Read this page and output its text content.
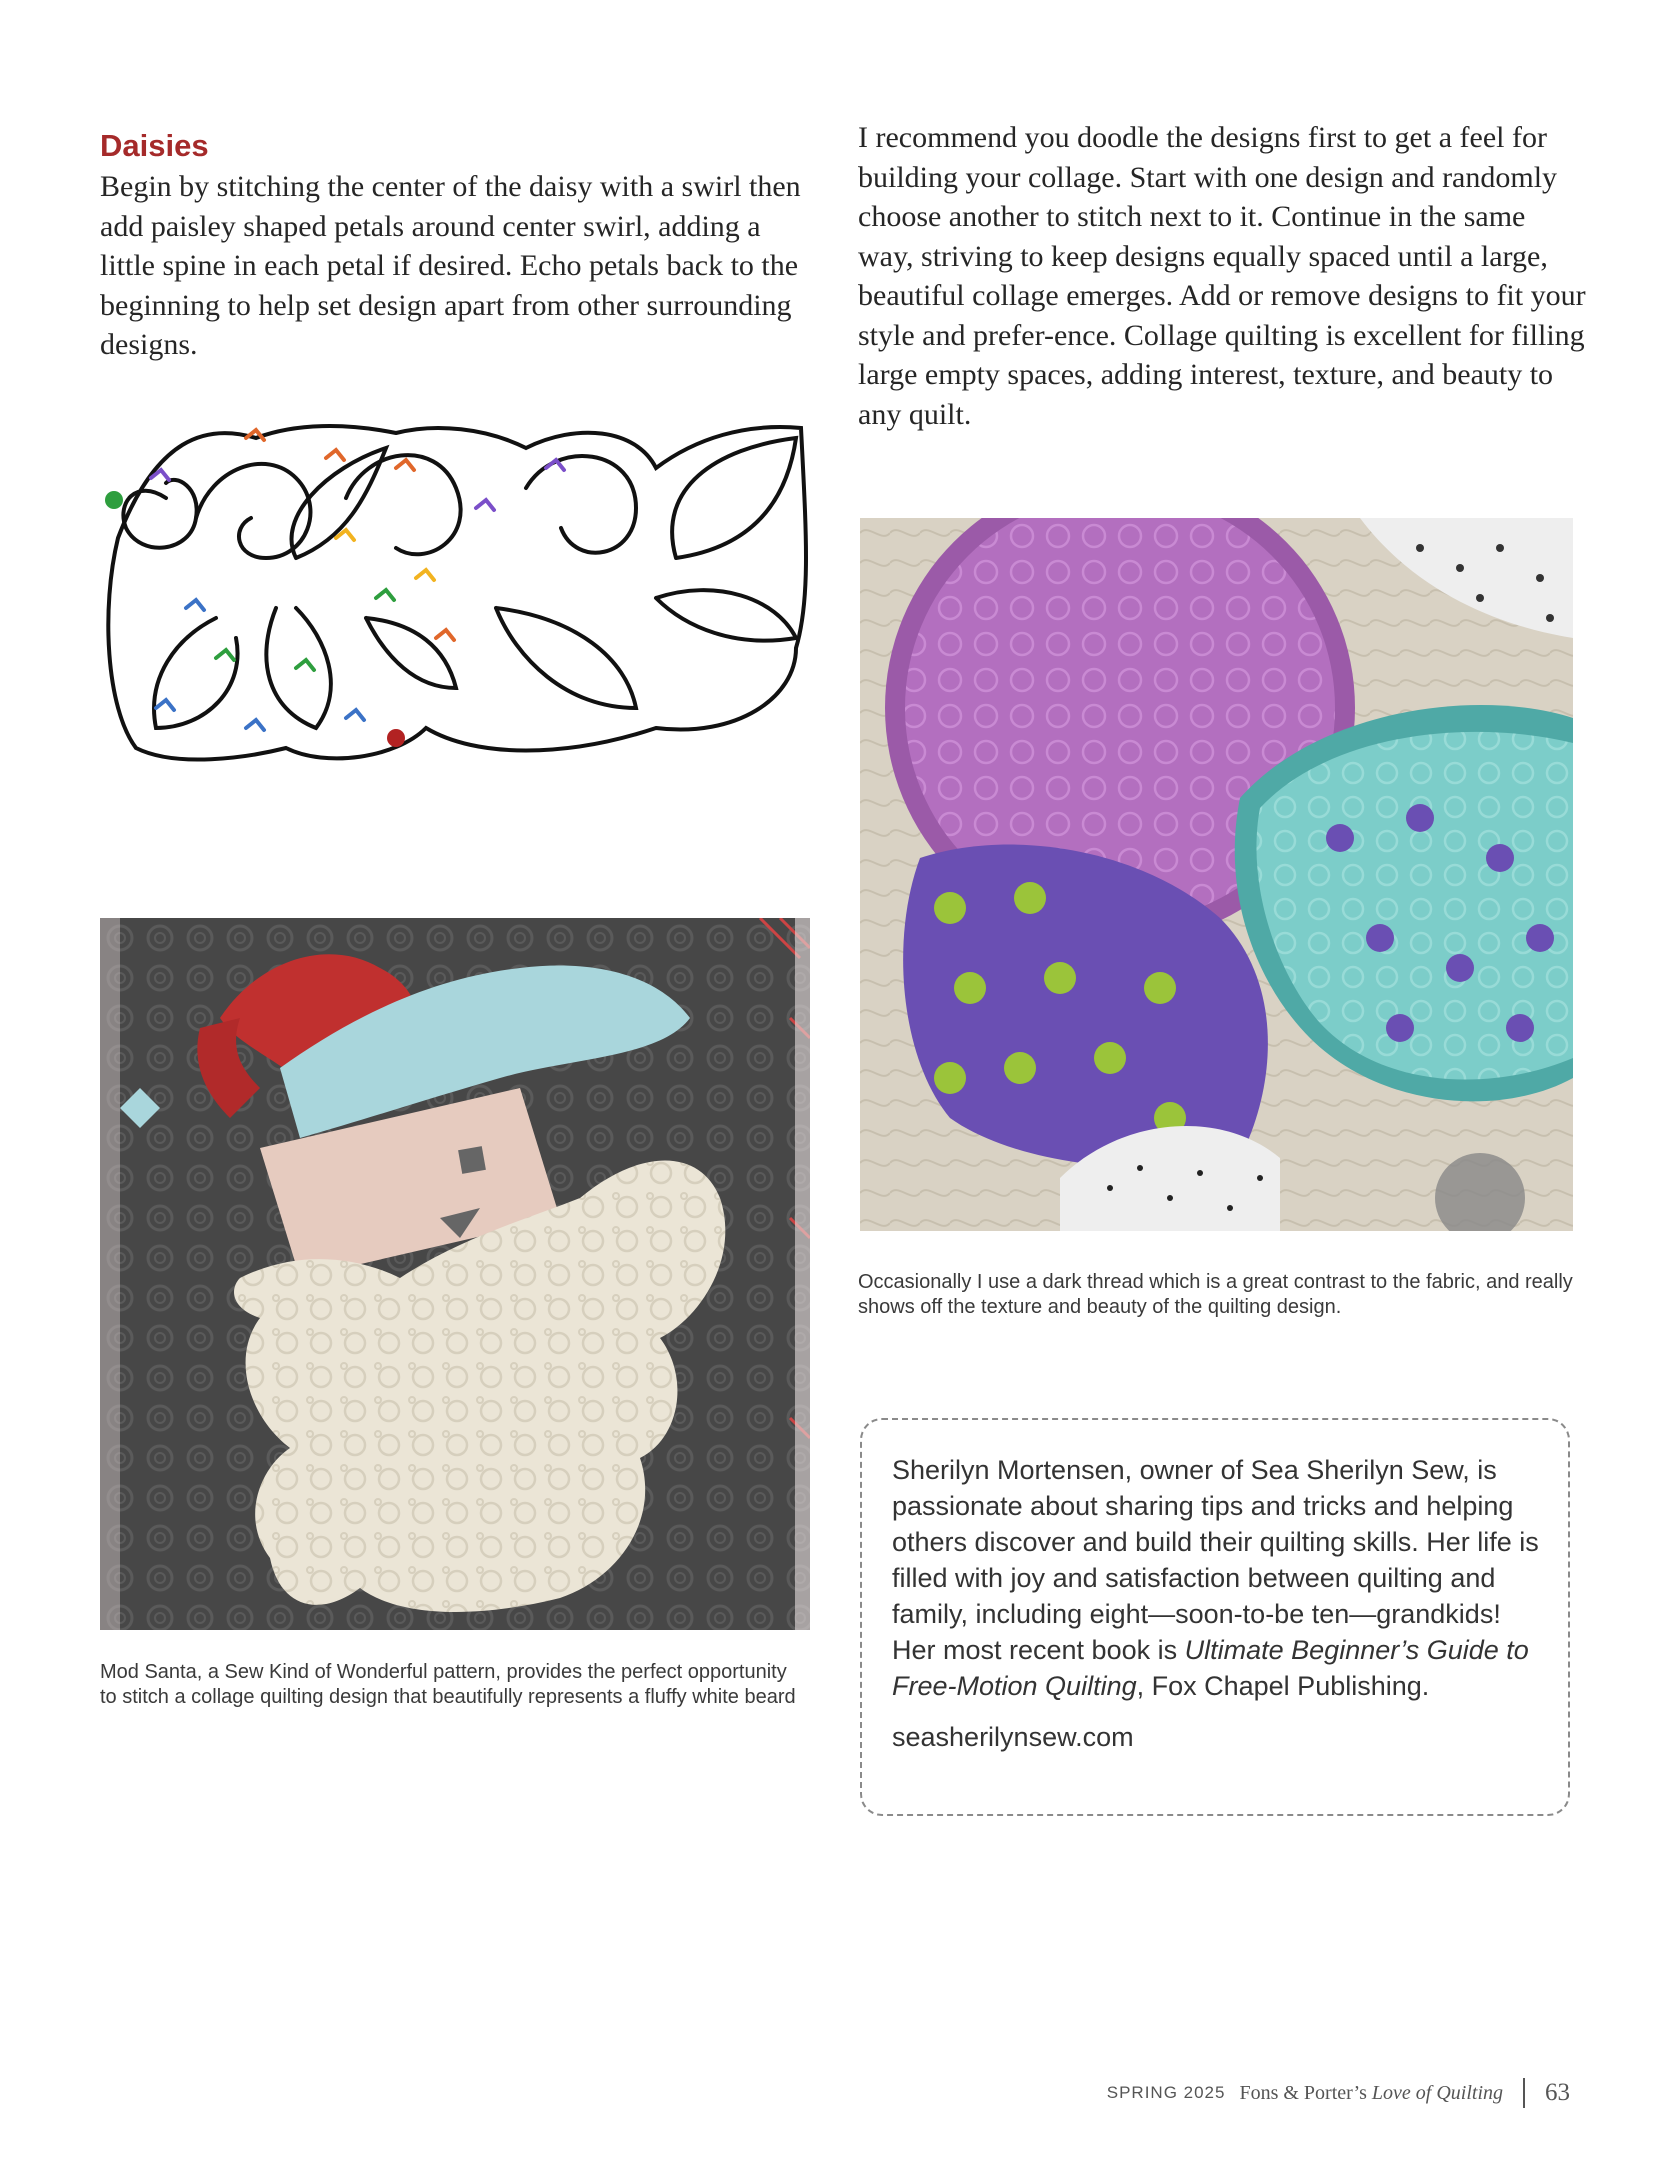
Daisies

Begin by stitching the center of the daisy with a swirl then add paisley shaped petals around center swirl, adding a little spine in each petal if desired. Echo petals back to the beginning to help set design apart from other surrounding designs.

I recommend you doodle the designs first to get a feel for building your collage. Start with one design and randomly choose another to stitch next to it. Continue in the same way, striving to keep designs equally spaced until a large, beautiful collage emerges. Add or remove designs to fit your style and prefer-ence. Collage quilting is excellent for filling large empty spaces, adding interest, texture, and beauty to any quilt.

Mod Santa, a Sew Kind of Wonderful pattern, provides the perfect opportunity to stitch a collage quilting design that beautifully represents a fluffy white beard

Occasionally I use a dark thread which is a great contrast to the fabric, and really shows off the texture and beauty of the quilting design.

Sherilyn Mortensen, owner of Sea Sherilyn Sew, is passionate about sharing tips and tricks and helping others discover and build their quilting skills. Her life is filled with joy and satisfaction between quilting and family, including eight—soon-to-be ten—grandkids! Her most recent book is Ultimate Beginner’s Guide to Free-Motion Quilting, Fox Chapel Publishing.

seasherilynsew.com

SPRING 2025 Fons & Porter’s Love of Quilting 63
